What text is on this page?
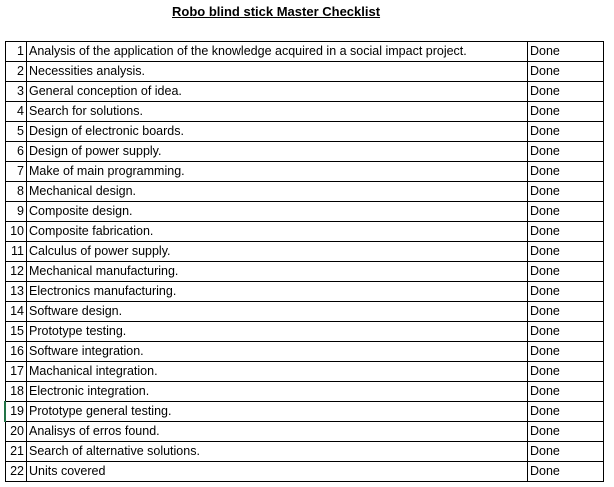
Robo blind stick Master Checklist
1	Analysis of the application of the knowledge acquired in a social impact project.	Done
2	Necessities analysis.	Done
3	General conception of idea.	Done
4	Search for solutions.	Done
5	Design of electronic boards.	Done
6	Design of power supply.	Done
7	Make of main programming.	Done
8	Mechanical design.	Done
9	Composite design.	Done
10	Composite fabrication.	Done
11	Calculus of power supply.	Done
12	Mechanical manufacturing.	Done
13	Electronics manufacturing.	Done
14	Software design.	Done
15	Prototype testing.	Done
16	Software integration.	Done
17	Machanical integration.	Done
18	Electronic integration.	Done
19	Prototype general testing.	Done
20	Analisys of erros found.	Done
21	Search of alternative solutions.	Done
22	Units covered	Done
